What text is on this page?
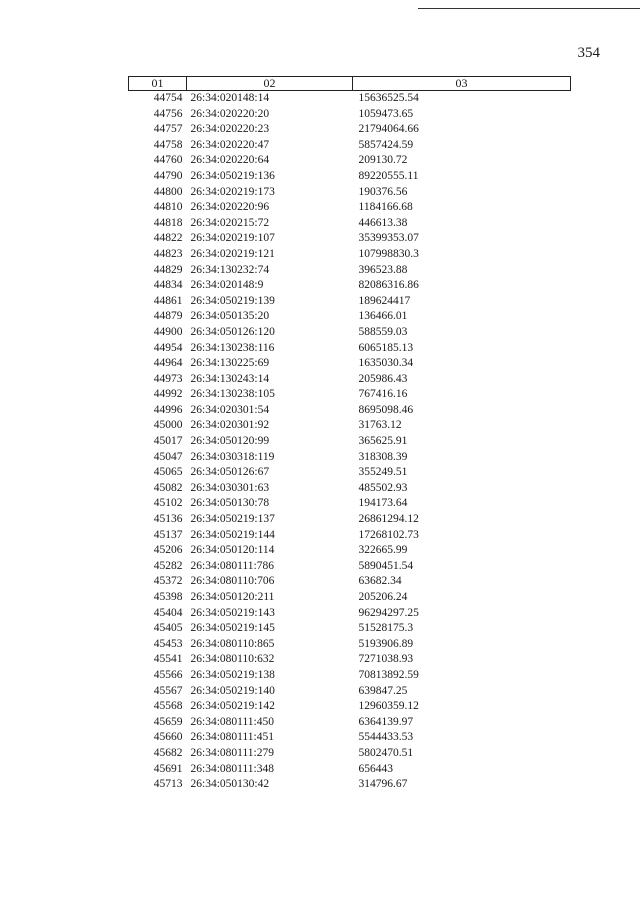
354
01	02	03
44754	26:34:020148:14	15636525.54
44756	26:34:020220:20	1059473.65
44757	26:34:020220:23	21794064.66
44758	26:34:020220:47	5857424.59
44760	26:34:020220:64	209130.72
44790	26:34:050219:136	89220555.11
44800	26:34:020219:173	190376.56
44810	26:34:020220:96	1184166.68
44818	26:34:020215:72	446613.38
44822	26:34:020219:107	35399353.07
44823	26:34:020219:121	107998830.3
44829	26:34:130232:74	396523.88
44834	26:34:020148:9	82086316.86
44861	26:34:050219:139	189624417
44879	26:34:050135:20	136466.01
44900	26:34:050126:120	588559.03
44954	26:34:130238:116	6065185.13
44964	26:34:130225:69	1635030.34
44973	26:34:130243:14	205986.43
44992	26:34:130238:105	767416.16
44996	26:34:020301:54	8695098.46
45000	26:34:020301:92	31763.12
45017	26:34:050120:99	365625.91
45047	26:34:030318:119	318308.39
45065	26:34:050126:67	355249.51
45082	26:34:030301:63	485502.93
45102	26:34:050130:78	194173.64
45136	26:34:050219:137	26861294.12
45137	26:34:050219:144	17268102.73
45206	26:34:050120:114	322665.99
45282	26:34:080111:786	5890451.54
45372	26:34:080110:706	63682.34
45398	26:34:050120:211	205206.24
45404	26:34:050219:143	96294297.25
45405	26:34:050219:145	51528175.3
45453	26:34:080110:865	5193906.89
45541	26:34:080110:632	7271038.93
45566	26:34:050219:138	70813892.59
45567	26:34:050219:140	639847.25
45568	26:34:050219:142	12960359.12
45659	26:34:080111:450	6364139.97
45660	26:34:080111:451	5544433.53
45682	26:34:080111:279	5802470.51
45691	26:34:080111:348	656443
45713	26:34:050130:42	314796.67
